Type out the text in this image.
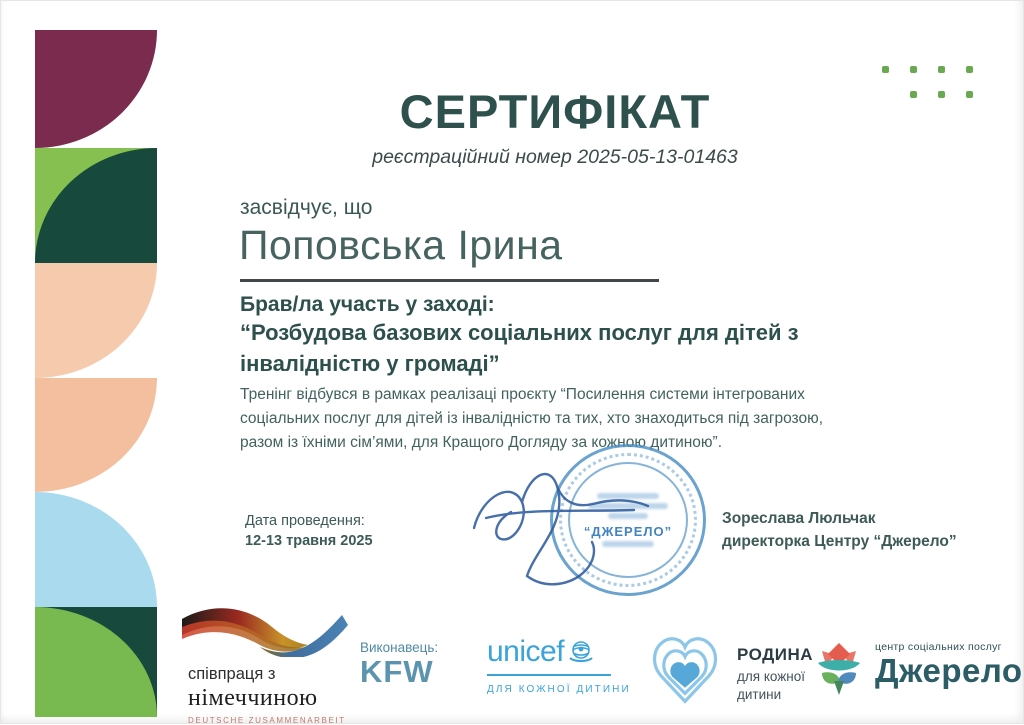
СЕРТИФІКАТ
реєстраційний номер 2025-05-13-01463
засвідчує, що
Поповська Ірина
Брав/ла участь у заході:
“Розбудова базових соціальних послуг для дітей з інвалідністю у громаді”
Тренінг відбувся в рамках реалізаці проєкту “Посилення системи інтегрованих соціальних послуг для дітей із інвалідністю та тих, хто знаходиться під загрозою, разом із їхніми сім’ями, для Кращого Догляду за кожною дитиною”.
Дата проведення:
12-13 травня 2025
“ДЖЕРЕЛО”
Зореслава Люльчак
директорка Центру “Джерело”
співпраця з
німеччиною
DEUTSCHE ZUSAMMENARBEIT
Виконавець:
KFW
unicef
ДЛЯ КОЖНОЇ ДИТИНИ
РОДИНА
для кожної
дитини
центр соціальних послуг
Джерело
